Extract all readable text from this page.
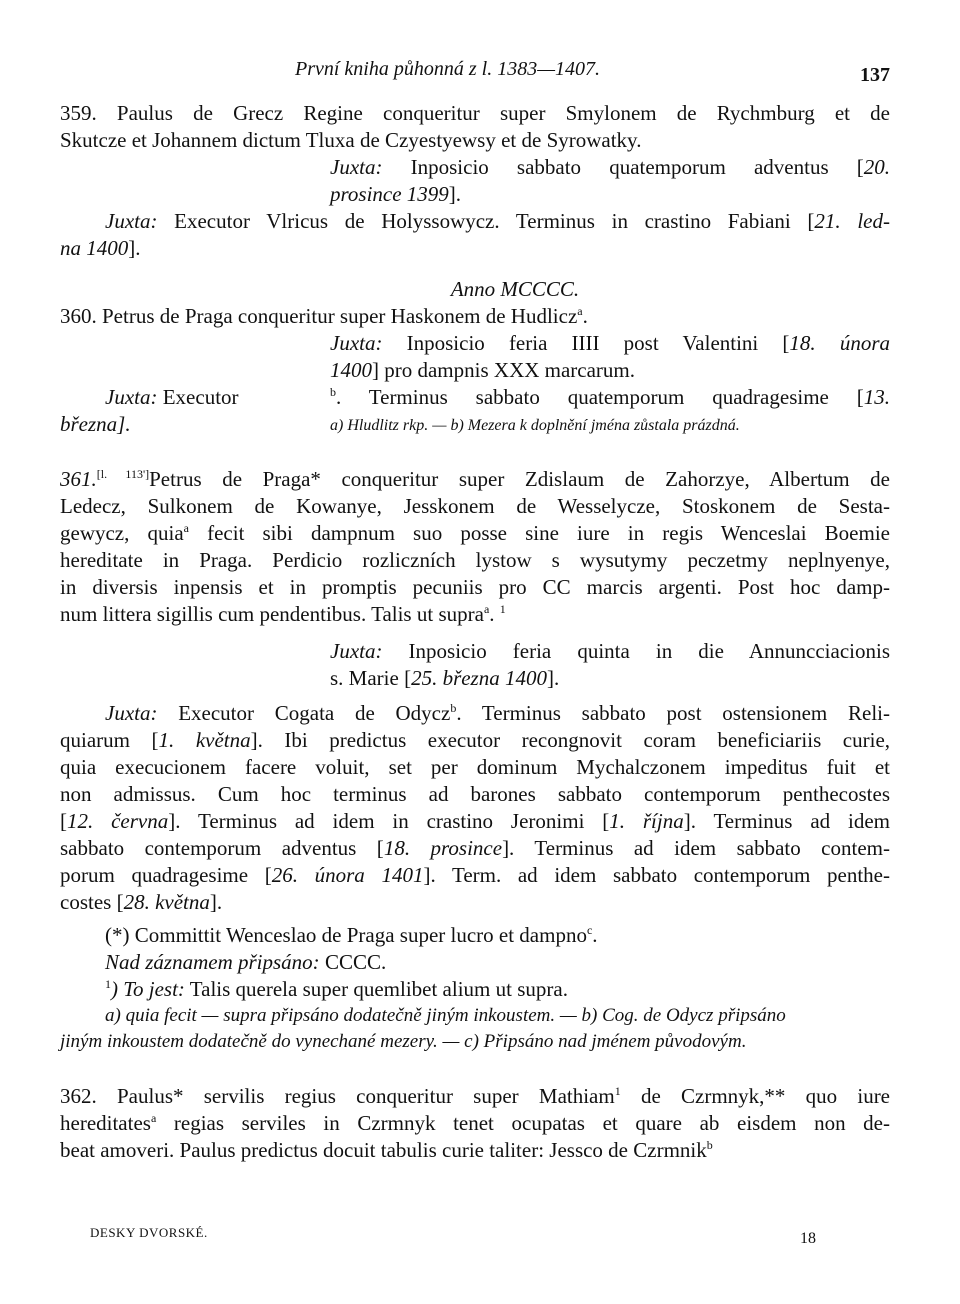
První kniha půhonná z l. 1383—1407.	137
359. Paulus de Grecz Regine conqueritur super Smylonem de Rychmburg et de
Skutcze et Johannem dictum Tluxa de Czyestyewsy et de Syrowatky.
Juxta: Inposicio sabbato quatemporum adventus [20.
prosince 1399].
Juxta: Executor Vlricus de Holyssowycz. Terminus in crastino Fabiani [21. led-
na 1400].
Anno MCCCC.
360. Petrus de Praga conqueritur super Haskonem de Hudlicz$^a$.
Juxta: Inposicio feria IIII post Valentini [18. února
1400] pro dampnis XXX marcarum.
Juxta: Executor
března].
$^b$. Terminus sabbato quatemporum quadragesime [13.
a) Hludlitz rkp. — b) Mezera k doplnění jména zůstala prázdná.
361.[l. 113']Petrus de Praga* conqueritur super Zdislaum de Zahorzye, Albertum de
Ledecz, Sulkonem de Kowanye, Jesskonem de Wesselycze, Stoskonem de Sesta-
gewycz, quia$^a$ fecit sibi dampnum suo posse sine iure in regis Wenceslai Boemie
hereditate in Praga. Perdicio rozliczních lystow s wysutymy peczetmy neplnyenye,
in diversis inpensis et in promptis pecuniis pro CC marcis argenti. Post hoc damp-
num littera sigillis cum pendentibus. Talis ut supra$^a$. $^1$
Juxta: Inposicio feria quinta in die Annuncciacionis
s. Marie [25. března 1400].
Juxta: Executor Cogata de Odycz$^b$. Terminus sabbato post ostensionem Reli-
quiarum [1. května]. Ibi predictus executor recongnovit coram beneficiariis curie,
quia execucionem facere voluit, set per dominum Mychalczonem impeditus fuit et
non admissus. Cum hoc terminus ad barones sabbato contemporum penthecostes
[12. června]. Terminus ad idem in crastino Jeronimi [1. října]. Terminus ad idem
sabbato contemporum adventus [18. prosince]. Terminus ad idem sabbato contem-
porum quadragesime [26. února 1401]. Term. ad idem sabbato contemporum penthe-
costes [28. května].
(*) Committit Wenceslao de Praga super lucro et dampno$^c$.
Nad záznamem připsáno: CCCC.
$^1$) To jest: Talis querela super quemlibet alium ut supra.
a) quia fecit — supra připsáno dodatečně jiným inkoustem. — b) Cog. de Odycz připsáno
jiným inkoustem dodatečně do vynechané mezery. — c) Připsáno nad jménem původovým.
362. Paulus* servilis regius conqueritur super Mathiam$^1$ de Czrmnyk,** quo iure
hereditates$^a$ regias serviles in Czrmnyk tenet ocupatas et quare ab eisdem non de-
beat amoveri. Paulus predictus docuit tabulis curie taliter: Jessco de Czrmnik$^b$
DESKY DVORSKÉ.	18
